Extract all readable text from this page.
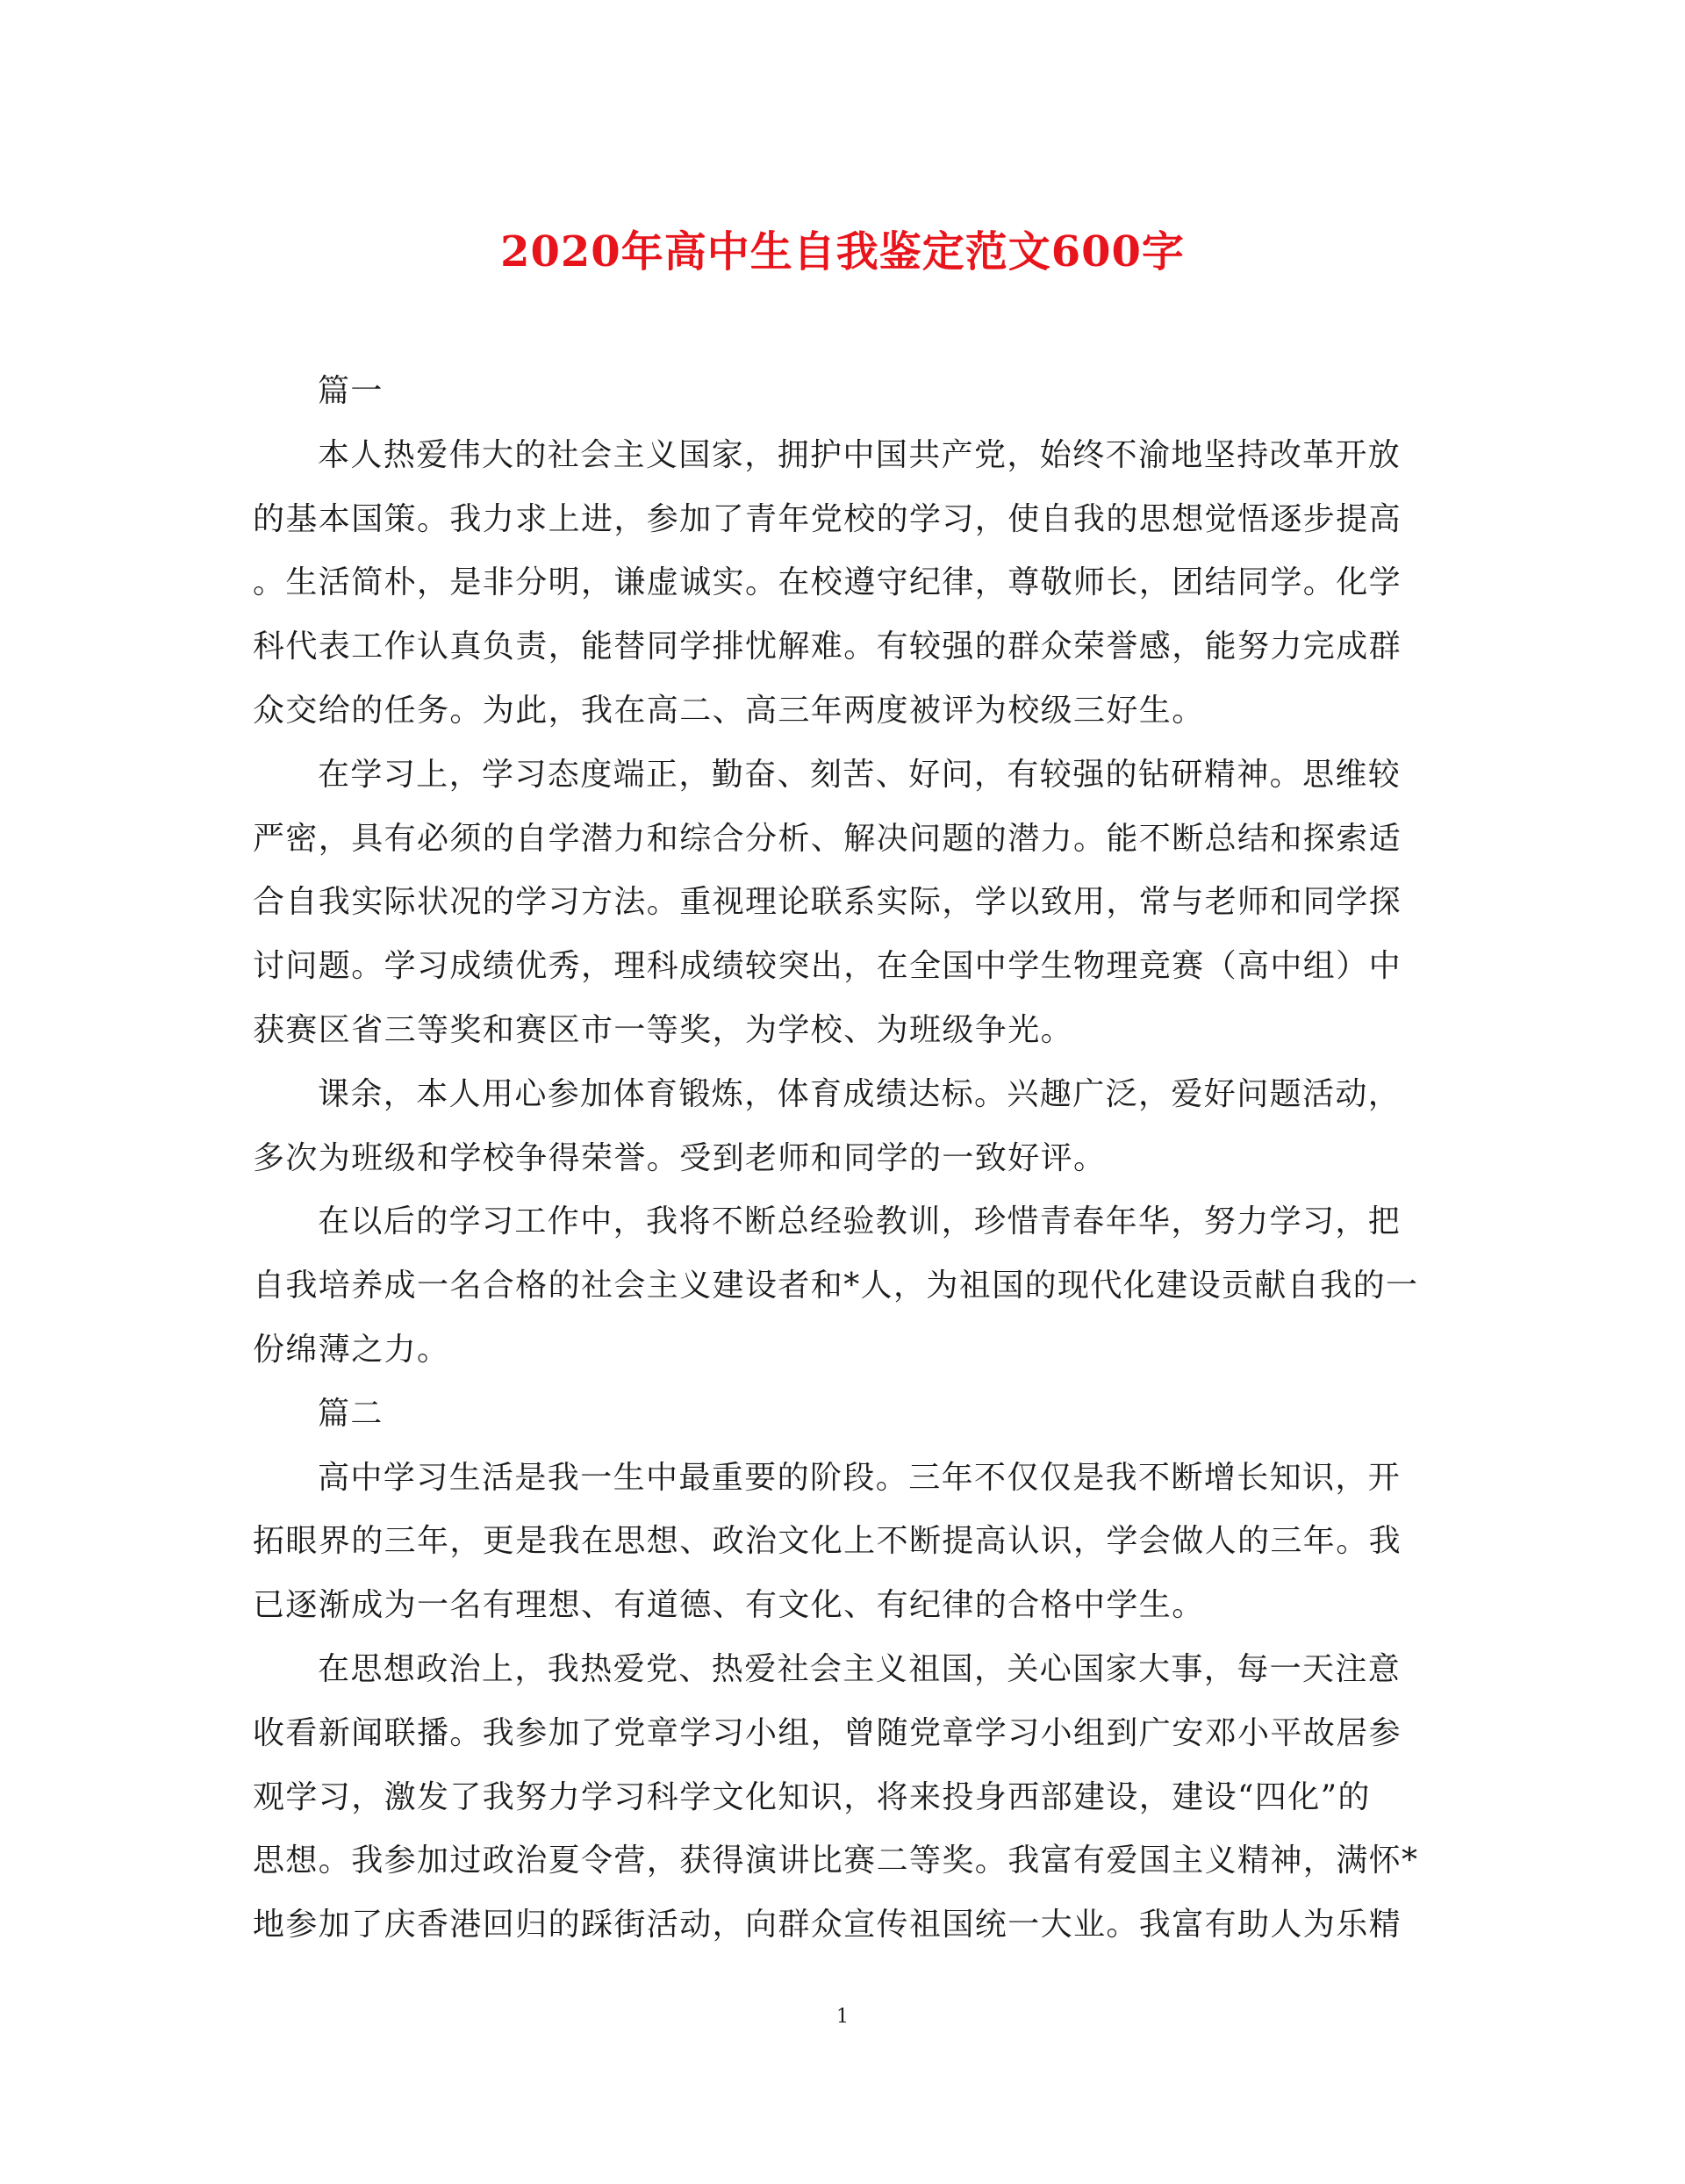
2020年高中生自我鉴定范文600字
篇一
本人热爱伟大的社会主义国家，拥护中国共产党，始终不渝地坚持改革开放
的基本国策。我力求上进，参加了青年党校的学习，使自我的思想觉悟逐步提高
。生活简朴，是非分明，谦虚诚实。在校遵守纪律，尊敬师长，团结同学。化学
科代表工作认真负责，能替同学排忧解难。有较强的群众荣誉感，能努力完成群
众交给的任务。为此，我在高二、高三年两度被评为校级三好生。
在学习上，学习态度端正，勤奋、刻苦、好问，有较强的钻研精神。思维较
严密，具有必须的自学潜力和综合分析、解决问题的潜力。能不断总结和探索适
合自我实际状况的学习方法。重视理论联系实际，学以致用，常与老师和同学探
讨问题。学习成绩优秀，理科成绩较突出，在全国中学生物理竞赛（高中组）中
获赛区省三等奖和赛区市一等奖，为学校、为班级争光。
课余，本人用心参加体育锻炼，体育成绩达标。兴趣广泛，爱好问题活动，
多次为班级和学校争得荣誉。受到老师和同学的一致好评。
在以后的学习工作中，我将不断总经验教训，珍惜青春年华，努力学习，把
自我培养成一名合格的社会主义建设者和*人，为祖国的现代化建设贡献自我的一
份绵薄之力。
篇二
高中学习生活是我一生中最重要的阶段。三年不仅仅是我不断增长知识，开
拓眼界的三年，更是我在思想、政治文化上不断提高认识，学会做人的三年。我
已逐渐成为一名有理想、有道德、有文化、有纪律的合格中学生。
在思想政治上，我热爱党、热爱社会主义祖国，关心国家大事，每一天注意
收看新闻联播。我参加了党章学习小组，曾随党章学习小组到广安邓小平故居参
观学习，激发了我努力学习科学文化知识，将来投身西部建设，建设“四化”的
思想。我参加过政治夏令营，获得演讲比赛二等奖。我富有爱国主义精神，满怀*
地参加了庆香港回归的踩街活动，向群众宣传祖国统一大业。我富有助人为乐精
1
